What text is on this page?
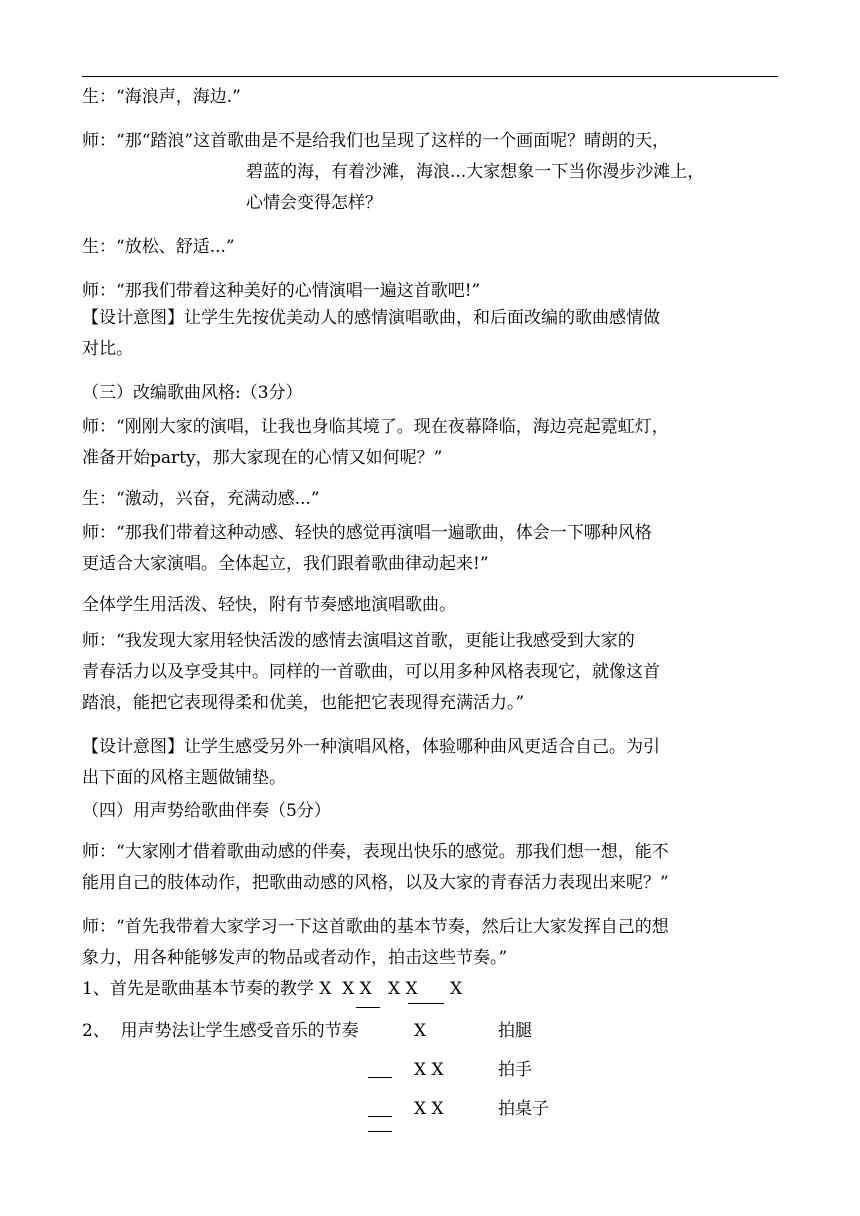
生：“海浪声，海边.”
师：“那“踏浪”这首歌曲是不是给我们也呈现了这样的一个画面呢？晴朗的天，
碧蓝的海，有着沙滩，海浪...大家想象一下当你漫步沙滩上，
心情会变得怎样？
生：“放松、舒适...”
师：“那我们带着这种美好的心情演唱一遍这首歌吧!”
【设计意图】让学生先按优美动人的感情演唱歌曲，和后面改编的歌曲感情做
对比。
（三）改编歌曲风格:（3分）
师：“刚刚大家的演唱，让我也身临其境了。现在夜幕降临，海边亮起霓虹灯，
准备开始party，那大家现在的心情又如何呢？”
生：“激动，兴奋，充满动感...”
师：“那我们带着这种动感、轻快的感觉再演唱一遍歌曲，体会一下哪种风格
更适合大家演唱。全体起立，我们跟着歌曲律动起来!”
全体学生用活泼、轻快，附有节奏感地演唱歌曲。
师：“我发现大家用轻快活泼的感情去演唱这首歌，更能让我感受到大家的
青春活力以及享受其中。同样的一首歌曲，可以用多种风格表现它，就像这首
踏浪，能把它表现得柔和优美，也能把它表现得充满活力。”
【设计意图】让学生感受另外一种演唱风格，体验哪种曲风更适合自己。为引
出下面的风格主题做铺垫。
（四）用声势给歌曲伴奏（5分）
师：“大家刚才借着歌曲动感的伴奏，表现出快乐的感觉。那我们想一想，能不
能用自己的肢体动作，把歌曲动感的风格，以及大家的青春活力表现出来呢？”
师：“首先我带着大家学习一下这首歌曲的基本节奏，然后让大家发挥自己的想
象力，用各种能够发声的物品或者动作，拍击这些节奏。”
1、首先是歌曲基本节奏的教学 X  X X   X X      X
2、  用声势法让学生感受音乐的节奏	X	拍腿
X X	拍手
X X	拍桌子
